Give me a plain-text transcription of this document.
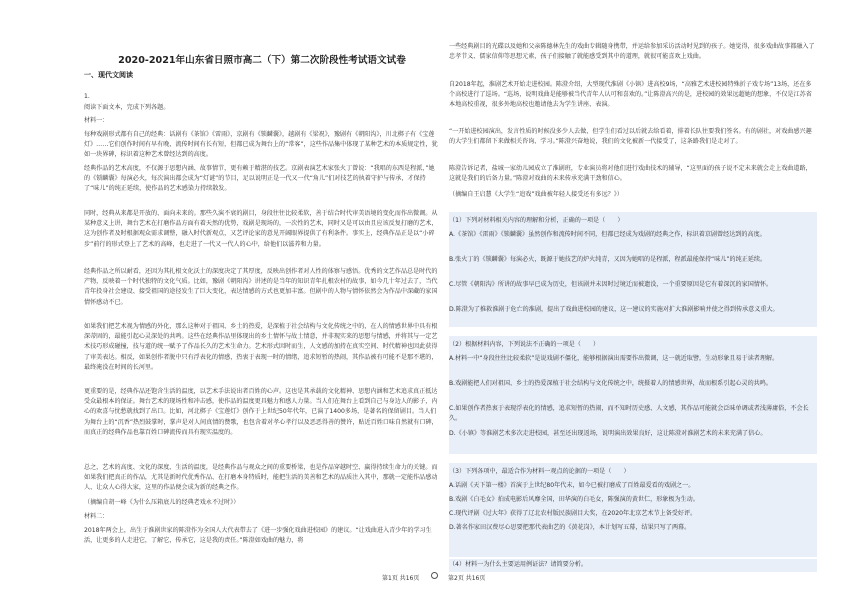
2020-2021年山东省日照市高二（下）第二次阶段性考试语文试卷
一、现代文阅读
1.
阅读下面文本，完成下列各题。
材料一：

每种戏剧形式都有自己的经典：话剧有《茶馆》《雷雨》，京剧有《锁麟囊》，越剧有《梁祝》，豫剧有《朝阳沟》，川北梆子有《宝莲灯》……它们创作时间有早有晚，流传时间有长有短，但都已成为舞台上的“常客”，这些作品集中体现了某种艺术的本质规定性，犹如一块界碑，标识着这种艺术曾经达到的高度。

经典作品的艺术高度，不仅源于思想内涵、故事情节，更有赖于精湛的技艺。京剧表演艺术家张火丁曾说：“我唱的东西是程派，”她的《锁麟囊》每演必火，每次演出都会成为“灯谜”的节目，足以说明正是一代又一代“角儿”们对技艺的执着守护与传承，才保持了“味儿”的纯正延续，使作品的艺术感染力持续散发。

同时，经典从来都是开放的、面向未来的。那些久演不衰的剧目，身段往往比较柔软，善于结合时代审美语境的变化而作出微调。从某种意义上讲，舞台艺术在打磨作品方面有着天然的优势，戏剧是现场的，一次性的艺术，同时又是可以由且应该反复打磨的艺术，这为创作者及时根据观众需求调整，融入时代新观点，又艺评论家的意见开阔眼界提供了有利条件。事实上，经典作品正是以“小碎步”前行的形式登上了艺术的高峰，也走进了一代又一代人的心中，给他们以滋养和力量。

经典作品之所以耐看，还因为其扎根文化沃土的深度决定了其厚度，反映出创作者对人性的体察与感悟。优秀的文艺作品总是时代的产物，反映着一个时代独特的文化气质。比如，豫剧《朝阳沟》讲述的是当年的知识青年扎根农村的故事，如今几十年过去了，当代青年投身社会建设、接受祖国的途径发生了巨大变化，表达情感的方式也更加丰富。但剧中的人物与情怀依然会为作品中深藏的家国情怀感动不已。

如果我们把艺术视为情感的外化，那么这种对于祖国、乡土的热爱，是深植于社会结构与文化传统之中的，在人的情感世界中具有根深蒂固的，最能引起心灵深处的共鸣。这些在经典作品里体现出的乡土情怀与故土情意，并非现实来的思想与情感，并将其与一定艺术技巧形成碰撞，技与道的统一赋予了作品长久的艺术生命力。艺术形式因时而生，人文感的加持在真实空间、时代精神也因此获得了审美表达。相反，如果创作者脱中只有浮表化的情感，热衷于表现一时的情绪，追求短暂的热闹，其作品被有可能不是那不堪的，最终淹没在时间的长河里。

更重要的是，经典作品还饱含生活的温度，以艺术手法说出者百姓的心声。这也是其承载的文化精神、思想内涵和艺术追求真正抵达受众最根本的保证。舞台艺术的现场性和冲击感，使作品的温度更具魅力和感人力量。当人们在舞台上看到自己与身边人的影子，内心的欢喜与忧愁就找到了出口。比如，河北梆子《宝莲灯》创作于上世纪50年代年，已演了1400多场，是著名的保留剧目。当人们为舞台上的“沉香”热烈鼓掌时，掌声是对人间真情的赞歌，也包含着对孝心孝行以及恶恶得善的赞许，贴近百姓口味自然就有口碑，而真正的经典作品也靠百姓口碑流传而具有现实温度的。

总之，艺术的高度、文化的深度、生活的温度，是经典作品与观众之间的重要桥梁，也是作品穿越时空、赢得持续生命力的关键。而如果我们把真正的作品，尤其是新时代优秀作品、在打磨本身特质时，能把生活的美善和艺术的品质注入其中，那就一定能作品感动人、让众人心得大家，这里的作品便会成为新的经典之作。

（摘编自胡一峰《为什么压箱底儿的经典老戏永不过时》）
材料二：

2018年两会上，出生于淮剧世家的陈澄作为全国人大代表带去了《进一步强化戏曲进校园》的建议。“让戏曲进入青少年的学习生活，让更多的人走进它，了解它，传承它，这是我的责任。”陈澄如戏曲的魅力，将

一些经典剧目的光碟以及她和父亲陈德林先生的戏曲专辑随身携带，并运给参加采访活动时见到的孩子。她觉得，很多戏曲故事都融入了忠孝节义、儒家信仰等思想元素，孩子们接触了就能感受到其中的道理，就很可能喜欢上戏曲。

自2018年起，淮剧艺术开始走进校园。陈澄介绍，大型现代淮剧《小镇》进高校9场，“高雅艺术进校园特殊折子戏专场”13场，还在多个高校进行了巡场。“巡场，说明戏曲是能够被当代青年人认可和喜欢的。”让陈澄高兴的是，进校园的效果远超她的想象，不仅是江苏省本地高校重视，很多外地高校也邀请他去为学生讲座、表演。

“一开始进校园演出，发言性质的时候没多少人去做，但学生们看过以后就去给看着，排着长队往要我们签名。有的剧社，对戏曲感兴趣的大学生们都留下来做相关咨询、学习。”陈澄兴奋地说，我们的文化被新一代接受了，这条路我们是走对了。

陈澄告诉记者，盐城一家幼儿园成立了淮剧班，专业演员将对他们进行戏曲技术的辅导，“这里面的孩子说不定未来就会走上戏曲道路，这就是我们的后备力量。”陈澄对戏曲的未来传承充满干劲和信心。

（摘编自王启慧《大学生“追戏”戏曲被年轻人接受还有多远？》）
（1）下列对材料相关内容的理解和分析，正确的一项是（　　）
A.《茶馆》《雷雨》《锁麟囊》虽然创作和流传时间不同，但都已经成为戏剧的经典之作，标识着京剧曾经达到的高度。
B.张火丁的《锁麟囊》每演必火，既源于她技艺的炉火纯青，又因为她唱的是程派，程派最能保持“味儿”的纯正延续。
C.尽管《朝阳沟》所讲的故事早已成为历史，但该剧并未因时过境迁而被遗没，一个重要原因是它有着深沉的家国情怀。
D.陈澄为了推救淮剧于危亡的淮剧，提出了戏曲进校园的建议，这一建议的实施对扩大淮剧影响并使之得到传承意义重大。
（2）根据材料内容，下列说法不正确的一项是（　　）
A.材料一中“身段往往比较柔软”是说戏剧不僵化，能够根据演出需要作出微调，这一就近取譬，生动形象且易于读者理解。
B.戏剧能把人们对祖国、乡土的热爱深植于社会结构与文化传统之中，统摄着人的情感世界，故而根系引起心灵的共鸣。
C.如果创作者热衷于表现浮表化的情感，追求短暂的热闹，而不知时历史感、人文感，其作品可能就会泛味单调或者浅薄庸俗，不会长久。
D.《小镇》等淮剧艺术多次走进校园，甚至还出现返场，说明演出效果良好，这让陈澄对淮剧艺术的未来充满了信心。
（3）下列各项中，最适合作为材料一观点的论据的一项是（　　）
A.话剧《天下第一楼》首演于上世纪80年代末，如今已被打磨成了百姓最爱看的戏剧之一。
B.戏剧《白毛女》拍成电影后风靡全国，田华演的白毛女，陈强演的黄世仁，形象极为生动。
C.现代评剧《过大年》获得了辽北农村版民族剧目大奖，在2020年北京艺术节上备受好评。
D.著名作家田汉费尽心思要把那代表曲艺的《黄花岗》，本计划写五幕，结果只写了两幕。
（4）材料一为什么主要运用例证法？请简要分析。
第1页 共16页	第2页 共16页
